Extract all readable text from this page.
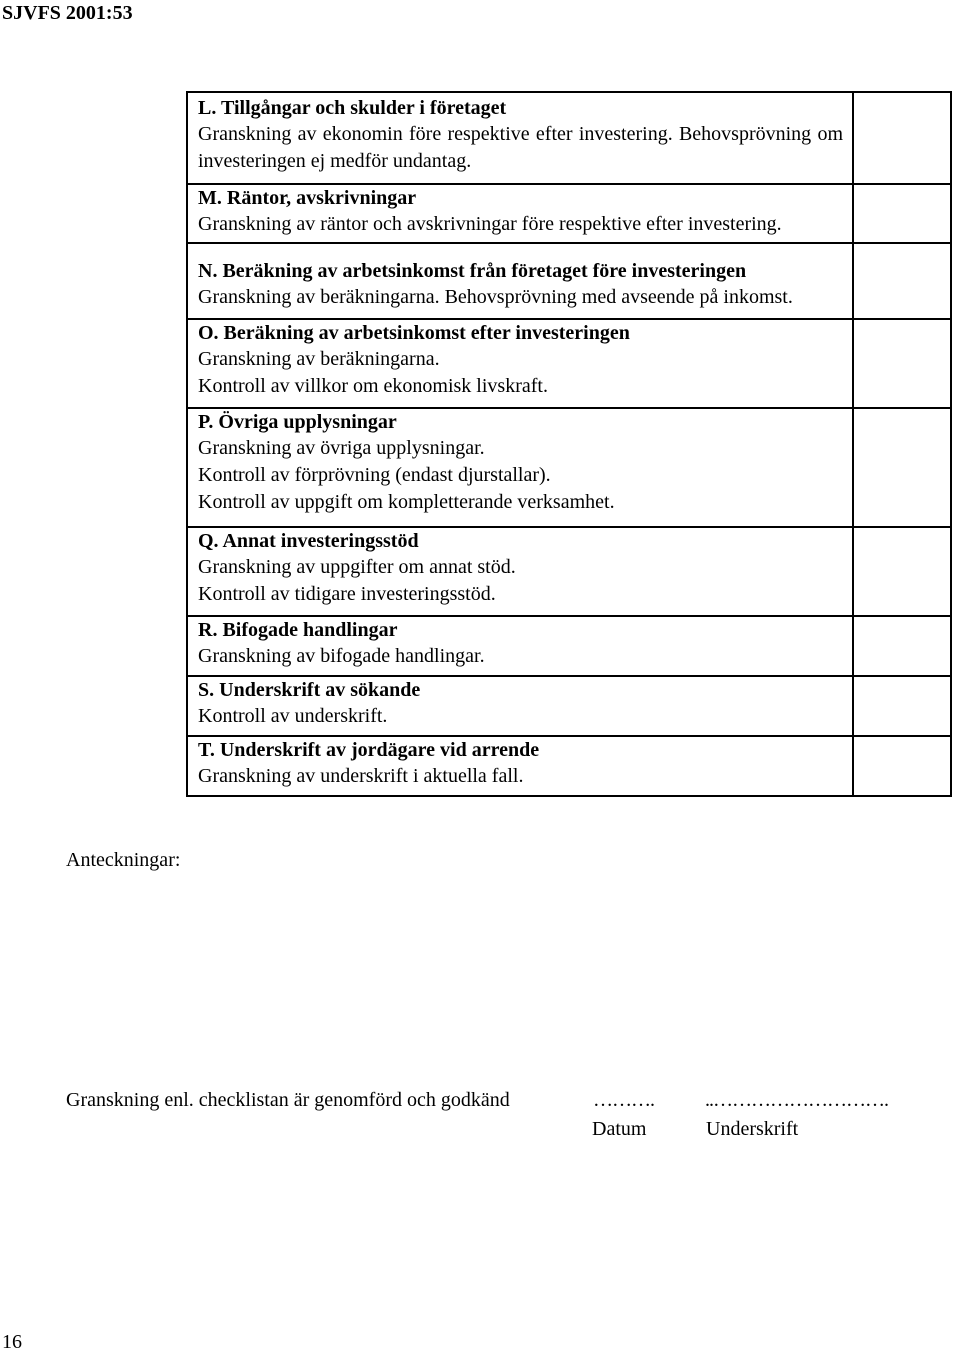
SJVFS 2001:53
L. Tillgångar och skulder i företaget
Granskning av ekonomin före respektive efter investering. Behovsprövning om investeringen ej medför undantag.	

M. Räntor, avskrivningar
Granskning av räntor och avskrivningar före respektive efter investering.	

N. Beräkning av arbetsinkomst från företaget före investeringen
Granskning av beräkningarna. Behovsprövning med avseende på inkomst.	

O. Beräkning av arbetsinkomst efter investeringen
Granskning av beräkningarna.
Kontroll av villkor om ekonomisk livskraft.	

P. Övriga upplysningar
Granskning av övriga upplysningar.
Kontroll av förprövning (endast djurstallar).
Kontroll av uppgift om kompletterande verksamhet.	

Q. Annat investeringsstöd
Granskning av uppgifter om annat stöd.
Kontroll av tidigare investeringsstöd.	

R. Bifogade handlingar
Granskning av bifogade handlingar.	

S. Underskrift av sökande
Kontroll av underskrift.	

T. Underskrift av jordägare vid arrende
Granskning av underskrift i aktuella fall.	

Anteckningar:
Granskning enl. checklistan är genomförd och godkänd	……….	..……………………….
Datum	Underskrift
16
